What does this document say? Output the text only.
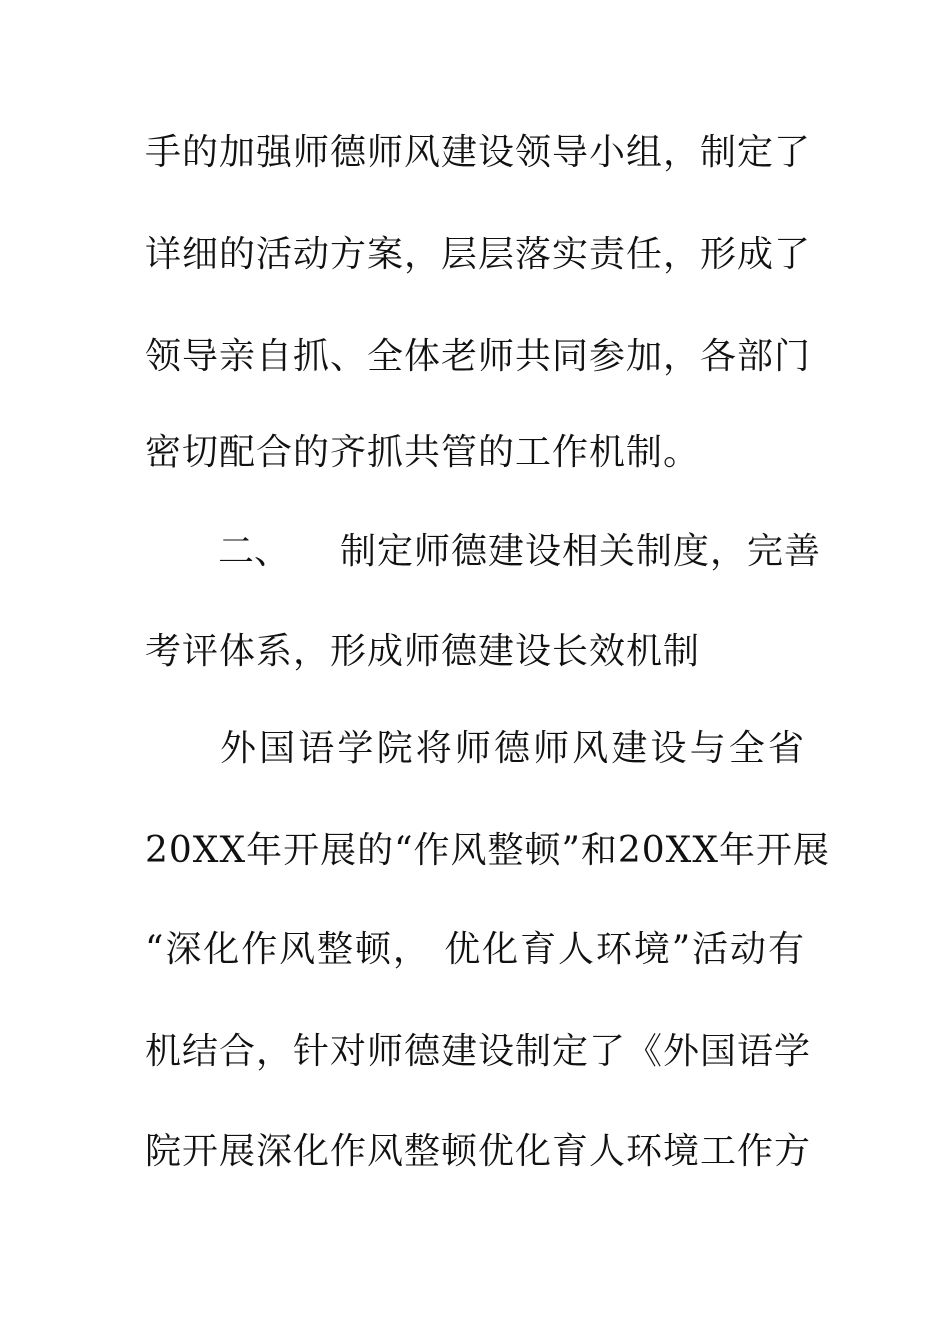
手的加强师德师风建设领导小组，制定了
详细的活动方案，层层落实责任，形成了
领导亲自抓、全体老师共同参加，各部门
密切配合的齐抓共管的工作机制。
二、 制定师德建设相关制度，完善
考评体系，形成师德建设长效机制
外国语学院将师德师风建设与全省
20XX年开展的“作风整顿”和20XX年开展
“深化作风整顿， 优化育人环境”活动有
机结合，针对师德建设制定了《外国语学
院开展深化作风整顿优化育人环境工作方
